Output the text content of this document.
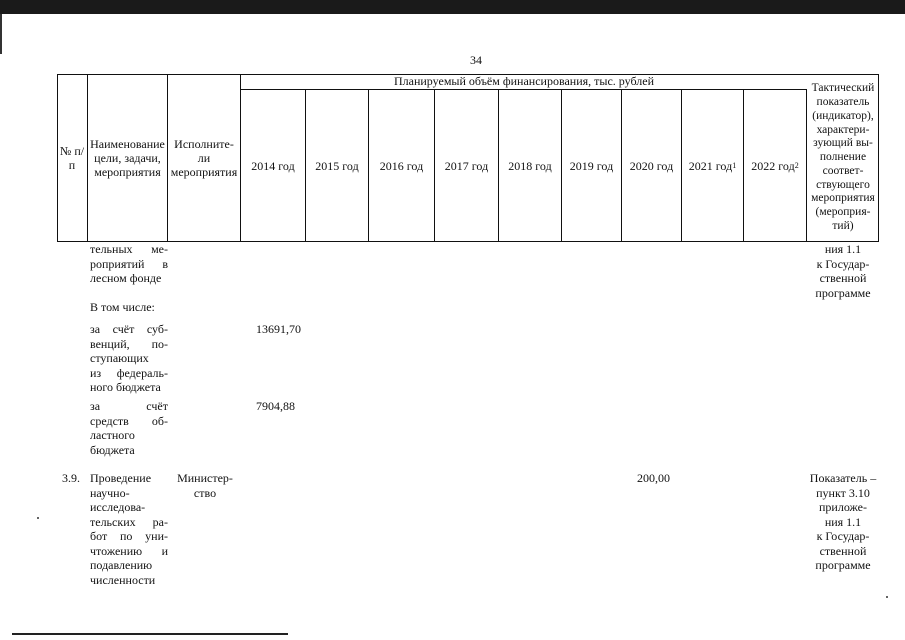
34
№ п/п
Наименование цели, задачи, мероприятия
Исполните-ли мероприятия
Планируемый объём финансирования, тыс. рублей
2014 год 2015 год 2016 год 2017 год 2018 год 2019 год 2020 год 2021 год 1 2022 год 2
Тактический показатель (индикатор), характери-зующий вы-полнение соответ-ствующего мероприятия (мероприя-тий)
тельных ме-
роприятий в
лесном фонде
ния 1.1
к Государ-
ственной
программе
В том числе:
за счёт суб-
венций, по-
ступающих
из федераль-
ного бюджета
13691,70
за счёт
средств об-
ластного
бюджета
7904,88
3.9. Проведение
научно-
исследова-
тельских ра-
бот по уни-
чтожению и
подавлению
численности
Министер-
ство
200,00	Показатель –
пункт 3.10
приложе-
ния 1.1
к Государ-
ственной
программе
